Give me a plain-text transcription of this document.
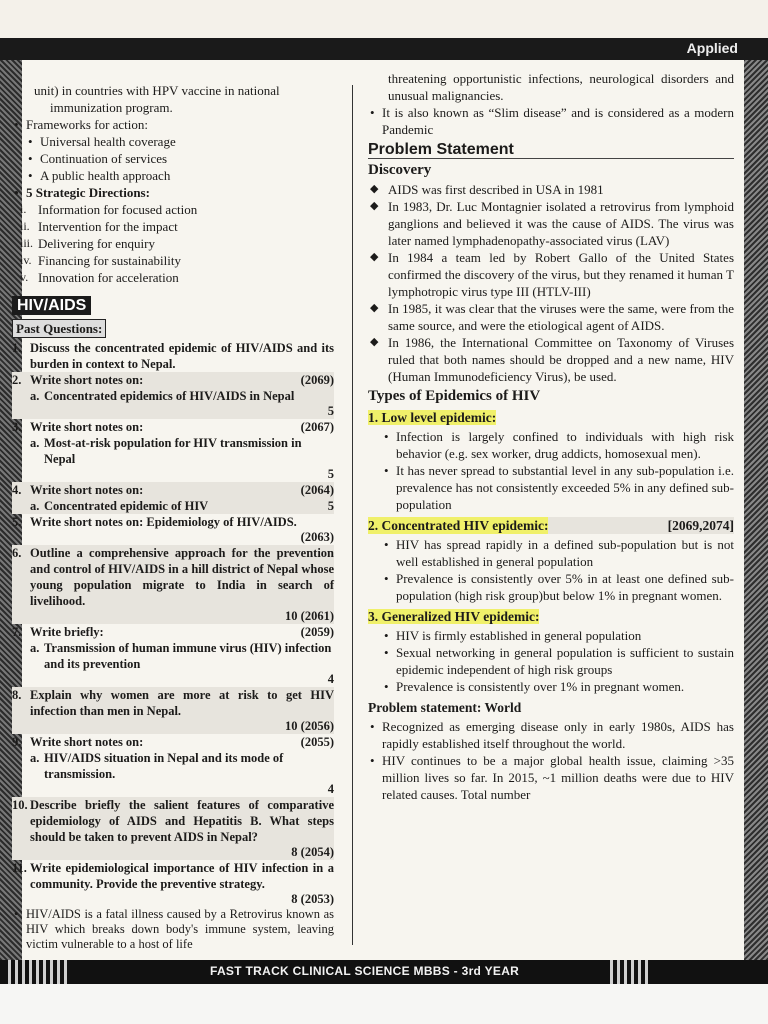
Applied

unit) in countries with HPV vaccine in national

immunization program.

• Frameworks for action:

• Universal health coverage

• Continuation of services

• A public health approach

• 5 Strategic Directions:

i. Information for focused action
ii. Intervention for the impact
iii. Delivering for enquiry
iv. Financing for sustainability
v. Innovation for acceleration
HIV/AIDS
Past Questions:
1. Discuss the concentrated epidemic of HIV/AIDS and its burden in context to Nepal.
2. Write short notes on:	(2069)
a. Concentrated epidemics of HIV/AIDS in Nepal
5
3. Write short notes on:	(2067)
a. Most-at-risk population for HIV transmission in Nepal
5
4. Write short notes on:	(2064)
a. Concentrated epidemic of HIV	5
5. Write short notes on: Epidemiology of HIV/AIDS.
(2063)
6. Outline a comprehensive approach for the prevention and control of HIV/AIDS in a hill district of Nepal whose young population migrate to India in search of livelihood.
10 (2061)
7. Write briefly:	(2059)
a. Transmission of human immune virus (HIV) infection and its prevention
4
8. Explain why women are more at risk to get HIV infection than men in Nepal.
10 (2056)
9. Write short notes on:	(2055)
a. HIV/AIDS situation in Nepal and its mode of transmission.
4
10. Describe briefly the salient features of comparative epidemiology of AIDS and Hepatitis B. What steps should be taken to prevent AIDS in Nepal?
8 (2054)
11. Write epidemiological importance of HIV infection in a community. Provide the preventive strategy.
8 (2053)

• HIV/AIDS is a fatal illness caused by a Retrovirus known as HIV which breaks down body's immune system, leaving victim vulnerable to a host of life

threatening opportunistic infections, neurological disorders and unusual malignancies.

• It is also known as “Slim disease” and is considered as a modern Pandemic

Problem Statement
Discovery

◆ AIDS was first described in USA in 1981

◆ In 1983, Dr. Luc Montagnier isolated a retrovirus from lymphoid ganglions and believed it was the cause of AIDS. The virus was later named lymphadenopathy-associated virus (LAV)

◆ In 1984 a team led by Robert Gallo of the United States confirmed the discovery of the virus, but they renamed it human T lymphotropic virus type III (HTLV-III)

◆ In 1985, it was clear that the viruses were the same, were from the same source, and were the etiological agent of AIDS.

◆ In 1986, the International Committee on Taxonomy of Viruses ruled that both names should be dropped and a new name, HIV (Human Immunodeficiency Virus), be used.

Types of Epidemics of HIV
1. Low level epidemic:

• Infection is largely confined to individuals with high risk behavior (e.g. sex worker, drug addicts, homosexual men).

• It has never spread to substantial level in any sub-population i.e. prevalence has not consistently exceeded 5% in any defined sub-population

2. Concentrated HIV epidemic:	[2069,2074]

• HIV has spread rapidly in a defined sub-population but is not well established in general population

• Prevalence is consistently over 5% in at least one defined sub-population (high risk group)but below 1% in pregnant women.

3. Generalized HIV epidemic:

• HIV is firmly established in general population

• Sexual networking in general population is sufficient to sustain epidemic independent of high risk groups

• Prevalence is consistently over 1% in pregnant women.

Problem statement: World

• Recognized as emerging disease only in early 1980s, AIDS has rapidly established itself throughout the world.

• HIV continues to be a major global health issue, claiming >35 million lives so far. In 2015, ~1 million deaths were due to HIV related causes. Total number

FAST TRACK CLINICAL SCIENCE MBBS - 3rd YEAR
